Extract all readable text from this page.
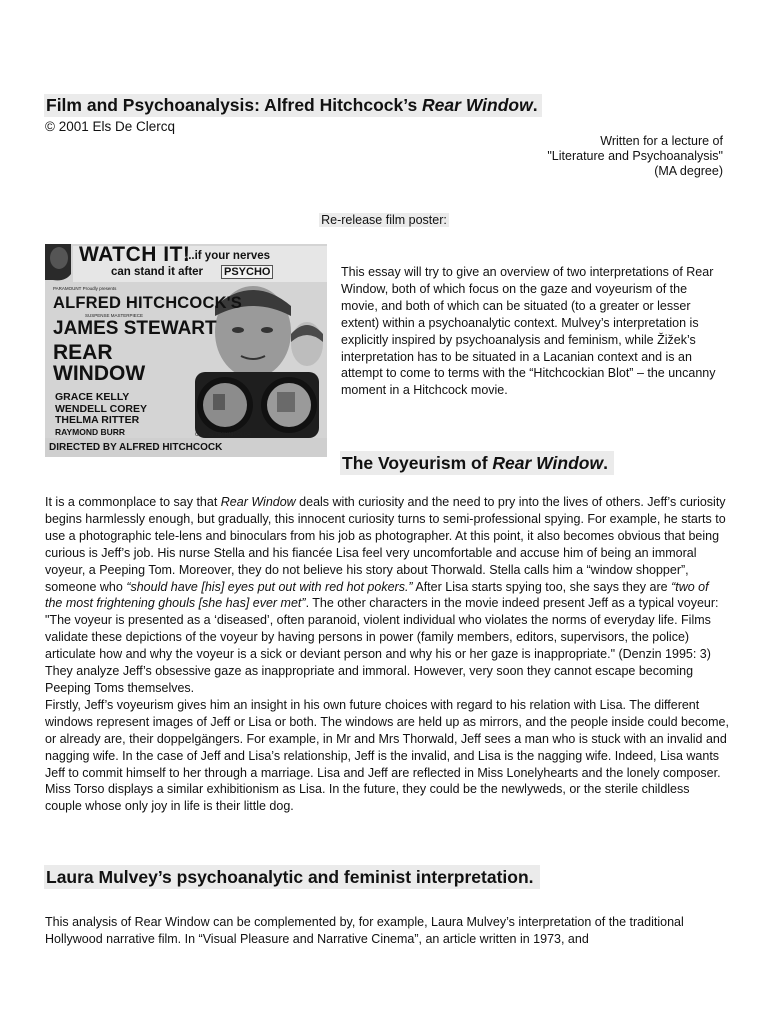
Film and Psychoanalysis: Alfred Hitchcock’s Rear Window.
© 2001 Els De Clercq
Written for a lecture of
"Literature and Psychoanalysis"
(MA degree)
Re-release film poster:
WATCH IT!
...if your nerves
can stand it after PSYCHO
PARAMOUNT Proudly presents
ALFRED HITCHCOCK'S
SUSPENSE MASTERPIECE
JAMES STEWART
REAR
WINDOW
GRACE KELLY
WENDELL COREY
THELMA RITTER
RAYMOND BURR	Color by TECHNICOLOR
DIRECTED BY ALFRED HITCHCOCK
This essay will try to give an overview of two interpretations of Rear Window, both of which focus on the gaze and voyeurism of the movie, and both of which can be situated (to a greater or lesser extent) within a psychoanalytic context. Mulvey’s interpretation is explicitly inspired by psychoanalysis and feminism, while Žižek’s interpretation has to be situated in a Lacanian context and is an attempt to come to terms with the “Hitchcockian Blot” – the uncanny moment in a Hitchcock movie.
The Voyeurism of Rear Window.

It is a commonplace to say that Rear Window deals with curiosity and the need to pry into the lives of others. Jeff’s curiosity begins harmlessly enough, but gradually, this innocent curiosity turns to semi-professional spying. For example, he starts to use a photographic tele-lens and binoculars from his job as photographer. At this point, it also becomes obvious that being curious is Jeff’s job. His nurse Stella and his fiancée Lisa feel very uncomfortable and accuse him of being an immoral voyeur, a Peeping Tom. Moreover, they do not believe his story about Thorwald. Stella calls him a “window shopper”, someone who “should have [his] eyes put out with red hot pokers.” After Lisa starts spying too, she says they are “two of the most frightening ghouls [she has] ever met”. The other characters in the movie indeed present Jeff as a typical voyeur:

"The voyeur is presented as a ‘diseased’, often paranoid, violent individual who violates the norms of everyday life. Films validate these depictions of the voyeur by having persons in power (family members, editors, supervisors, the police) articulate how and why the voyeur is a sick or deviant person and why his or her gaze is inappropriate." (Denzin 1995: 3)

They analyze Jeff’s obsessive gaze as inappropriate and immoral. However, very soon they cannot escape becoming Peeping Toms themselves.

Firstly, Jeff’s voyeurism gives him an insight in his own future choices with regard to his relation with Lisa. The different windows represent images of Jeff or Lisa or both. The windows are held up as mirrors, and the people inside could become, or already are, their doppelgängers. For example, in Mr and Mrs Thorwald, Jeff sees a man who is stuck with an invalid and nagging wife. In the case of Jeff and Lisa’s relationship, Jeff is the invalid, and Lisa is the nagging wife. Indeed, Lisa wants Jeff to commit himself to her through a marriage. Lisa and Jeff are reflected in Miss Lonelyhearts and the lonely composer. Miss Torso displays a similar exhibitionism as Lisa. In the future, they could be the newlyweds, or the sterile childless couple whose only joy in life is their little dog.

Laura Mulvey’s psychoanalytic and feminist interpretation.
This analysis of Rear Window can be complemented by, for example, Laura Mulvey’s interpretation of the traditional Hollywood narrative film. In “Visual Pleasure and Narrative Cinema”, an article written in 1973, and
